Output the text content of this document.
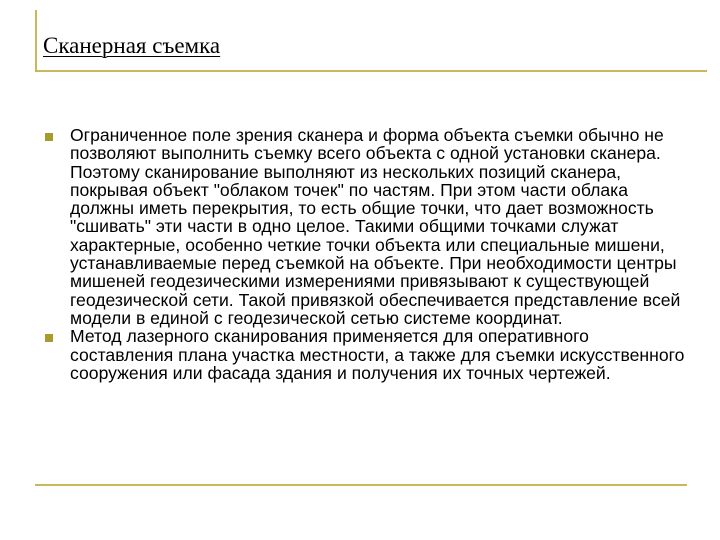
Сканерная съемка
Ограниченное поле зрения сканера и форма объекта съемки обычно не позволяют выполнить съемку всего объекта с одной установки сканера. Поэтому сканирование выполняют из нескольких позиций сканера, покрывая объект "облаком точек" по частям. При этом части облака должны иметь перекрытия, то есть общие точки, что дает возможность "сшивать" эти части в одно целое. Такими общими точками служат характерные, особенно четкие точки объекта или специальные мишени, устанавливаемые перед съемкой на объекте. При необходимости центры мишеней геодезическими измерениями привязывают к существующей геодезической сети. Такой привязкой обеспечивается представление всей модели в единой с геодезической сетью системе координат.
Метод лазерного сканирования применяется для оперативного составления плана участка местности, а также для съемки искусственного сооружения или фасада здания и получения их точных чертежей.
